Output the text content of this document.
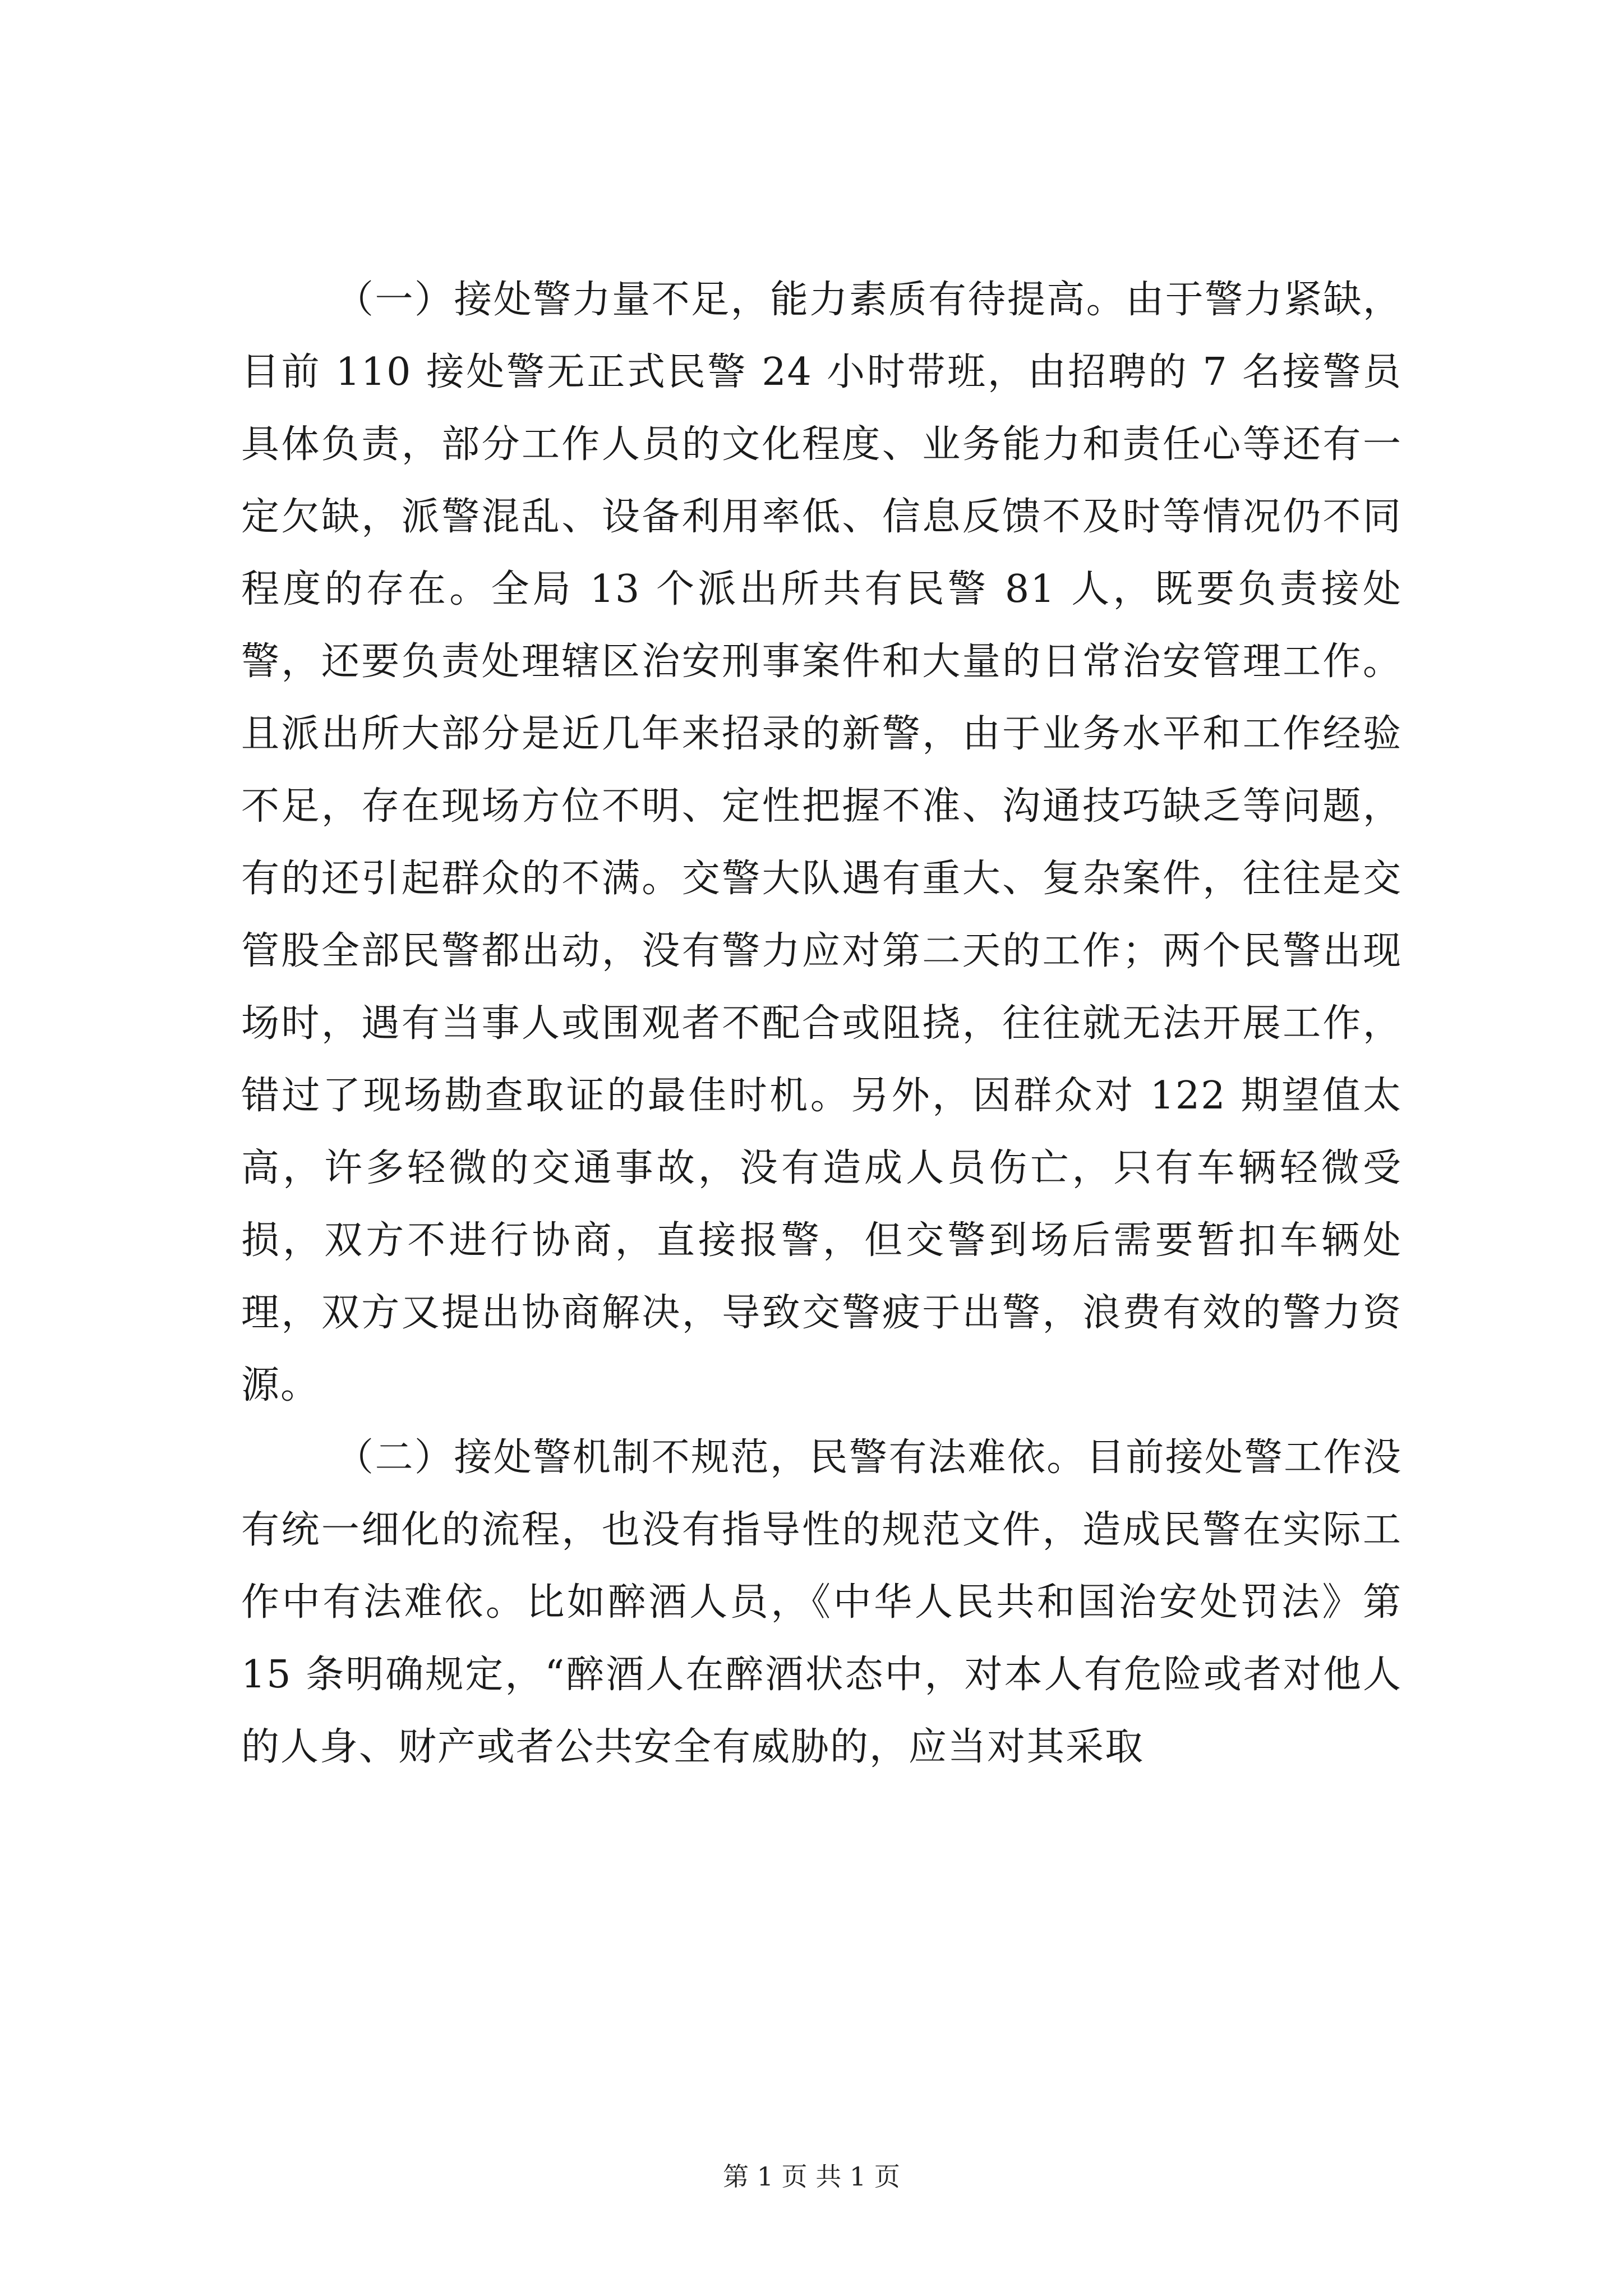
（一）接处警力量不足，能力素质有待提高。由于警力紧缺，目前 110 接处警无正式民警 24 小时带班，由招聘的 7 名接警员具体负责，部分工作人员的文化程度、业务能力和责任心等还有一定欠缺，派警混乱、设备利用率低、信息反馈不及时等情况仍不同程度的存在。全局 13 个派出所共有民警 81 人，既要负责接处警，还要负责处理辖区治安刑事案件和大量的日常治安管理工作。且派出所大部分是近几年来招录的新警，由于业务水平和工作经验不足，存在现场方位不明、定性把握不准、沟通技巧缺乏等问题，有的还引起群众的不满。交警大队遇有重大、复杂案件，往往是交管股全部民警都出动，没有警力应对第二天的工作；两个民警出现场时，遇有当事人或围观者不配合或阻挠，往往就无法开展工作，错过了现场勘查取证的最佳时机。另外，因群众对 122 期望值太高，许多轻微的交通事故，没有造成人员伤亡，只有车辆轻微受损，双方不进行协商，直接报警，但交警到场后需要暂扣车辆处理，双方又提出协商解决，导致交警疲于出警，浪费有效的警力资源。

（二）接处警机制不规范，民警有法难依。目前接处警工作没有统一细化的流程，也没有指导性的规范文件，造成民警在实际工作中有法难依。比如醉酒人员，《中华人民共和国治安处罚法》第 15 条明确规定，“醉酒人在醉酒状态中，对本人有危险或者对他人的人身、财产或者公共安全有威胁的，应当对其采取

第 1 页 共 1 页
